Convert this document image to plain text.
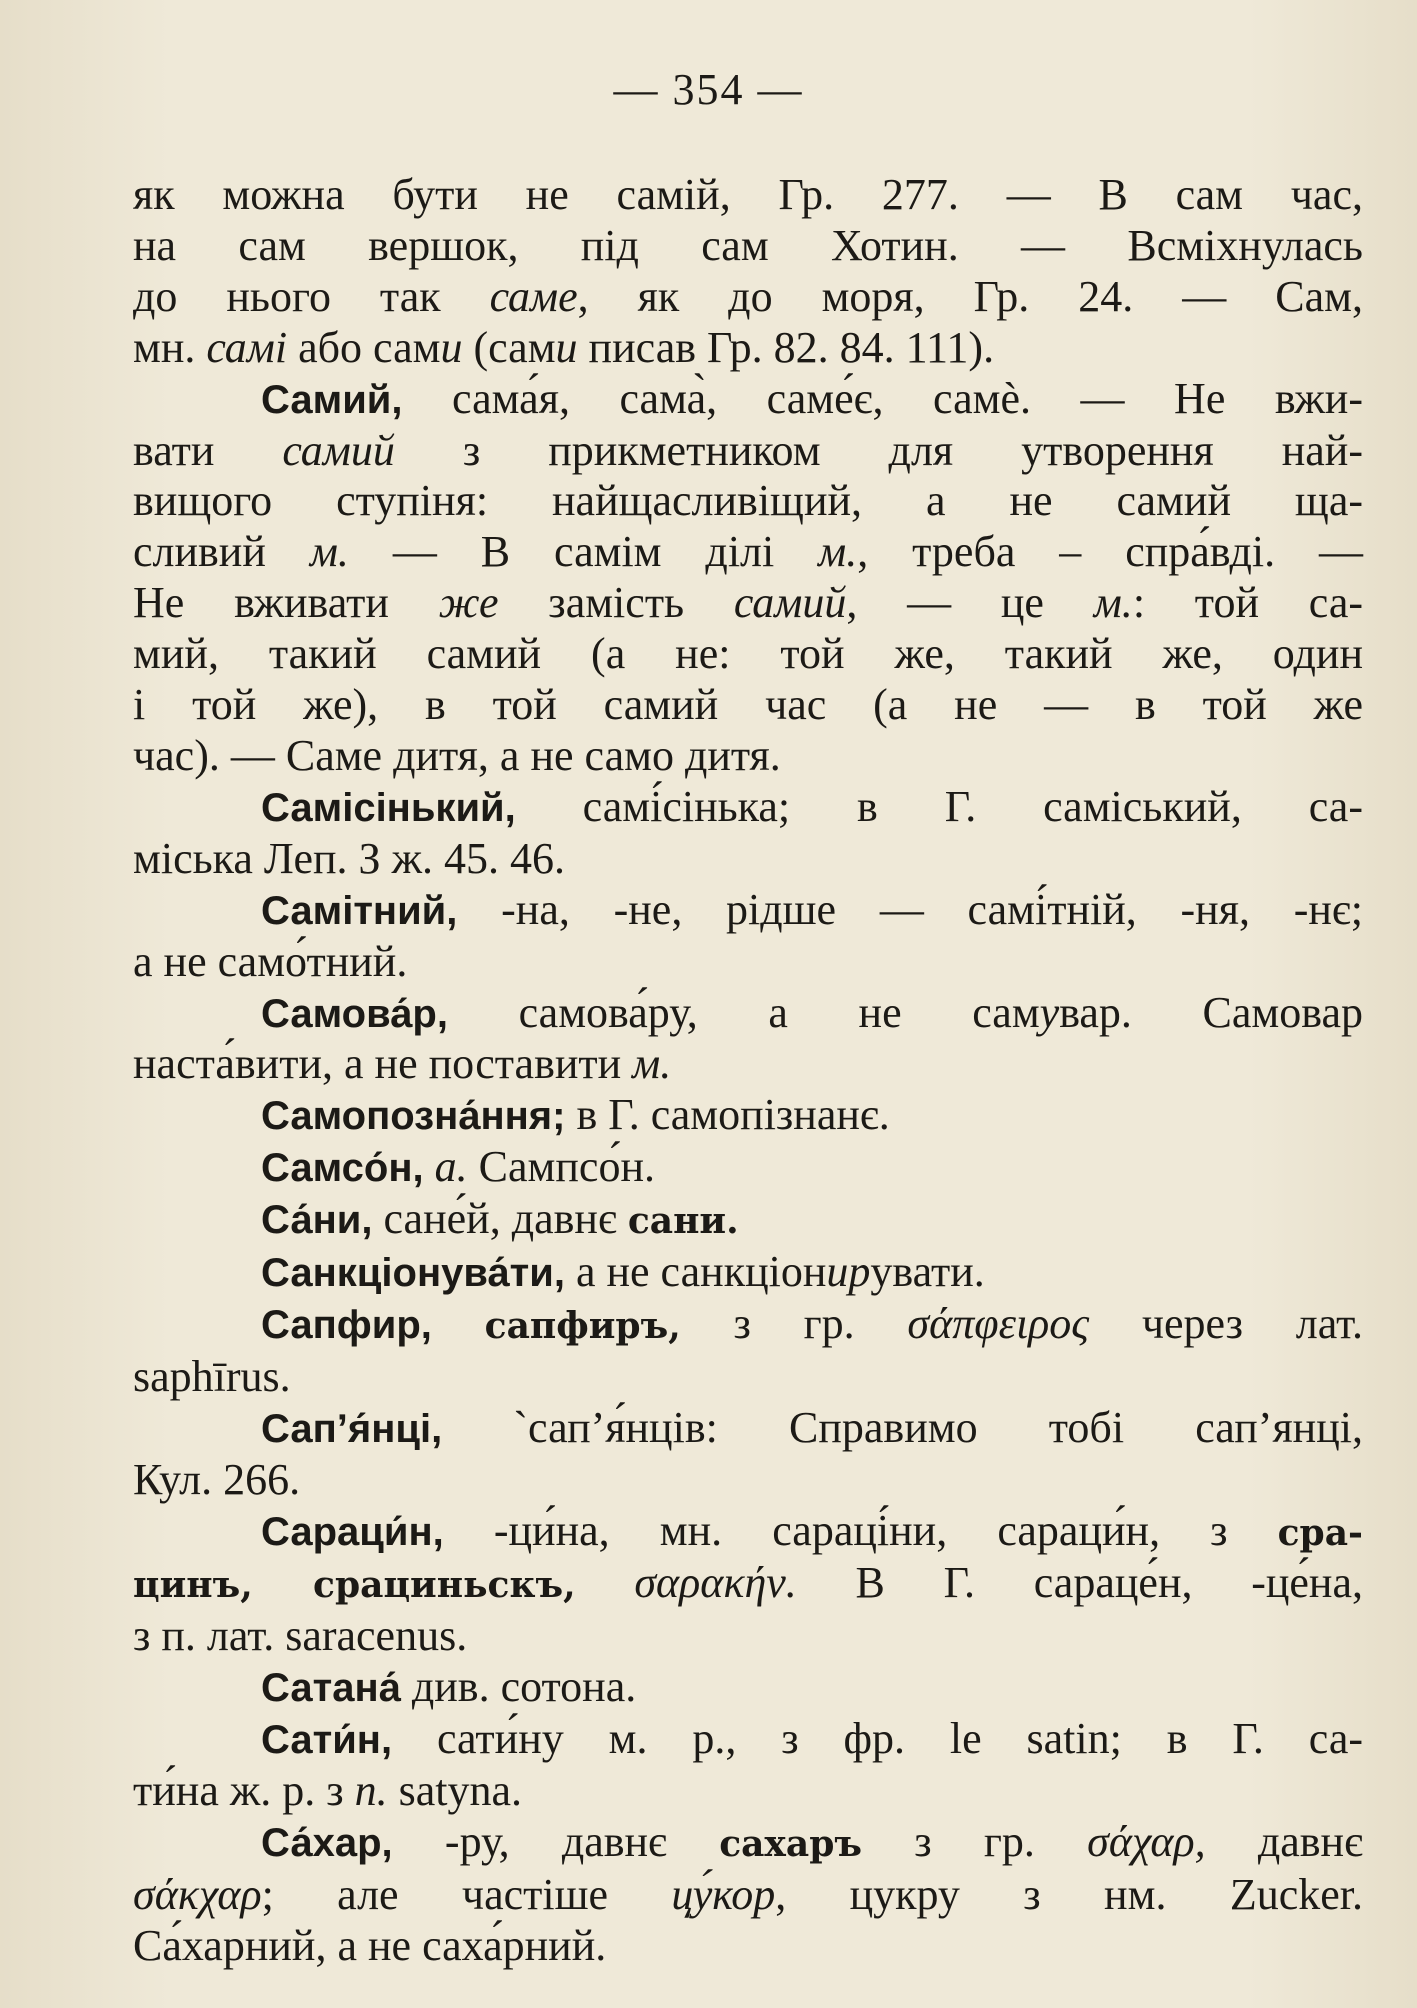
— 354 —
як можна бути не самій, Гр. 277. — В сам час,
на сам вершок, під сам Хотин. — Всміхнулась
до нього так саме, як до моря, Гр. 24. — Сам,
мн. самі або сами (сами писав Гр. 82. 84. 111).
Самий, сама́я, сама̀, саме́є, самѐ. — Не вжи-
вати самий з прикметником для утворення най-
вищого ступіня: найщасливіщий, а не самий ща-
сливий м. — В самім ділі м., треба – спра́вді. —
Не вживати же замість самий, — це м.: той са-
мий, такий самий (а не: той же, такий же, один
і той же), в той самий час (а не — в той же
час). — Саме дитя, а не само дитя.
Самісінький, самі́сінька; в Г. саміський, са-
міська Леп. З ж. 45. 46.
Самітний, -на, -не, рідше — самі́тній, -ня, -нє;
а не само́тний.
Самова́р, самова́ру, а не самувар. Самовар
наста́вити, а не поставити м.
Самопозна́ння; в Г. самопізнанє.
Самсо́н, а. Сампсо́н.
Са́ни, сане́й, давнє сани.
Санкціонува́ти, а не санкціонирувати.
Сапфир, сапфиръ, з гр. σάπφειρος через лат.
saphīrus.
Сап’я́нці, `сап’я́нців: Справимо тобі сап’янці,
Кул. 266.
Сараци́н, -ци́на, мн. сараці́ни, сараци́н, з сра-
цинъ, срациньскъ, σαρακήν. В Г. сараце́н, -це́на,
з п. лат. saracenus.
Сатана́ див. сотона.
Сати́н, сати́ну м. р., з фр. le satin; в Г. са-
ти́на ж. р. з п. satyna.
Са́хар, -ру, давнє сахаръ з гр. σάχαρ, давнє
σάκχαρ; але частіше цу́кор, цукру з нм. Zucker.
Са́харний, а не саха́рний.
